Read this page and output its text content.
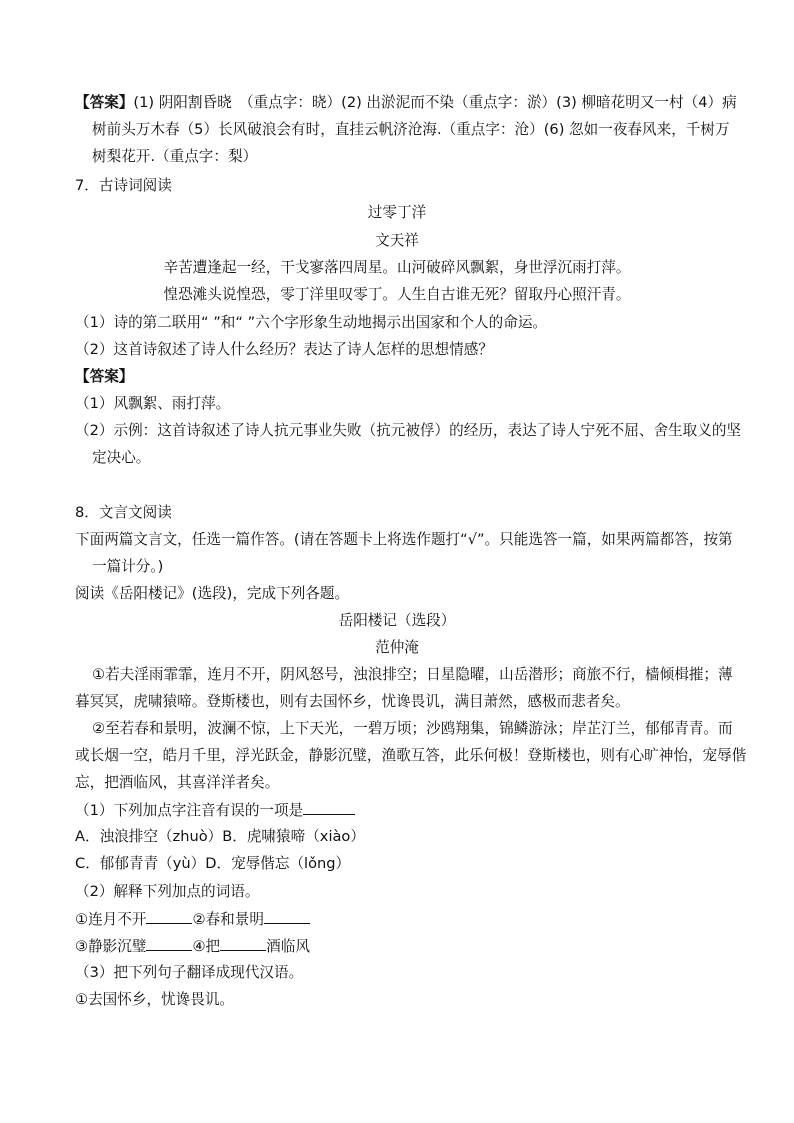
【答案】(1) 阴阳割昏晓　（重点字：晓）(2) 出淤泥而不染（重点字：淤）(3) 柳暗花明又一村（4）病
树前头万木春（5）长风破浪会有时，直挂云帆济沧海.（重点字：沧）(6) 忽如一夜春风来，千树万
树梨花开.（重点字：梨）
7．古诗词阅读
过零丁洋
文天祥
辛苦遭逢起一经，干戈寥落四周星。山河破碎风飘絮，身世浮沉雨打萍。
惶恐滩头说惶恐，零丁洋里叹零丁。人生自古谁无死？留取丹心照汗青。
（1）诗的第二联用“ ”和“ ”六个字形象生动地揭示出国家和个人的命运。
（2）这首诗叙述了诗人什么经历？表达了诗人怎样的思想情感？
【答案】
（1）风飘絮、雨打萍。
（2）示例：这首诗叙述了诗人抗元事业失败（抗元被俘）的经历，表达了诗人宁死不屈、舍生取义的坚
定决心。
8．文言文阅读
下面两篇文言文，任选一篇作答。(请在答题卡上将选作题打“√”。只能选答一篇，如果两篇都答，按第
一篇计分。)
阅读《岳阳楼记》(选段)，完成下列各题。
岳阳楼记（选段）
范仲淹
①若夫淫雨霏霏，连月不开，阴风怒号，浊浪排空；日星隐曜，山岳潜形；商旅不行，樯倾楫摧；薄
暮冥冥，虎啸猿啼。登斯楼也，则有去国怀乡，忧谗畏讥，满目萧然，感极而悲者矣。
②至若春和景明，波澜不惊，上下天光，一碧万顷；沙鸥翔集，锦鳞游泳；岸芷汀兰，郁郁青青。而
或长烟一空，皓月千里，浮光跃金，静影沉璧，渔歌互答，此乐何极！登斯楼也，则有心旷神怡，宠辱偕
忘，把酒临风，其喜洋洋者矣。
（1）下列加点字注音有误的一项是
A．浊浪排空（zhuò）B．虎啸猿啼（xiào）
C．郁郁青青（yù）D．宠辱偕忘（lǒng）
（2）解释下列加点的词语。
①连月不开	②春和景明
③静影沉璧	④把	酒临风
（3）把下列句子翻译成现代汉语。
①去国怀乡，忧谗畏讥。
